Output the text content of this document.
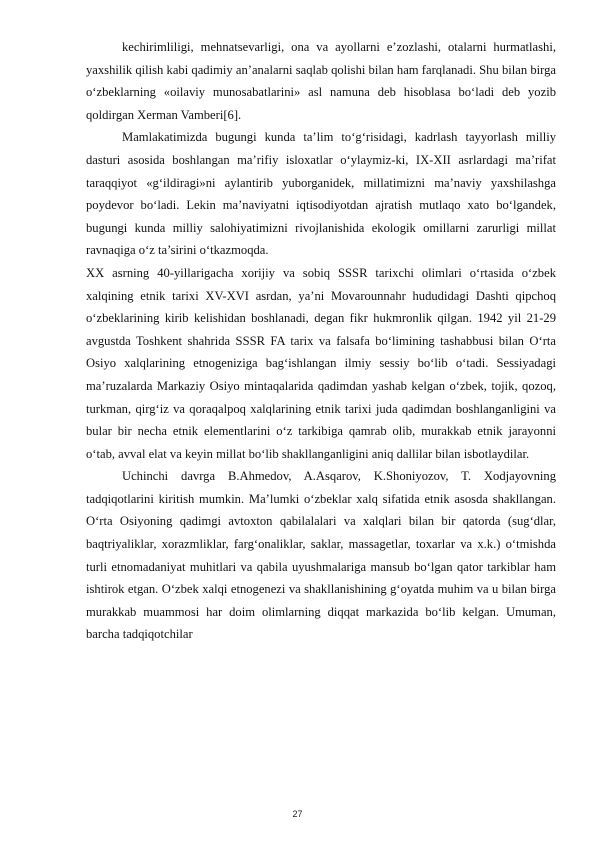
kechirimliligi, mehnatsevarligi, ona va ayollarni e’zozlashi, otalarni hurmatlashi, yaxshilik qilish kabi qadimiy an’analarni saqlab qolishi bilan ham farqlanadi. Shu bilan birga o‘zbeklarning «oilaviy munosabatlarini» asl namuna deb hisoblasa bo‘ladi deb yozib qoldirgan Xerman Vamberi[6].

Mamlakatimizda bugungi kunda ta’lim to‘g‘risidagi, kadrlash tayyorlash milliy dasturi asosida boshlangan ma’rifiy isloxatlar o‘ylaymiz-ki, IX-XII asrlardagi ma’rifat taraqqiyot «g‘ildiragi»ni aylantirib yuborganidek, millatimizni ma’naviy yaxshilashga poydevor bo‘ladi. Lekin ma’naviyatni iqtisodiyotdan ajratish mutlaqo xato bo‘lgandek, bugungi kunda milliy salohiyatimizni rivojlanishida ekologik omillarni zarurligi millat ravnaqiga o‘z ta’sirini o‘tkazmoqda.

XX asrning 40-yillarigacha xorijiy va sobiq SSSR tarixchi olimlari o‘rtasida o‘zbek xalqining etnik tarixi XV-XVI asrdan, ya’ni Movarounnahr hududidagi Dashti qipchoq o‘zbeklarining kirib kelishidan boshlanadi, degan fikr hukmronlik qilgan. 1942 yil 21-29 avgustda Toshkent shahrida SSSR FA tarix va falsafa bo‘limining tashabbusi bilan O‘rta Osiyo xalqlarining etnogeniziga bag‘ishlangan ilmiy sessiy bo‘lib o‘tadi. Sessiyadagi ma’ruzalarda Markaziy Osiyo mintaqalarida qadimdan yashab kelgan o‘zbek, tojik, qozoq, turkman, qirg‘iz va qoraqalpoq xalqlarining etnik tarixi juda qadimdan boshlanganligini va bular bir necha etnik elementlarini o‘z tarkibiga qamrab olib, murakkab etnik jarayonni o‘tab, avval elat va keyin millat bo‘lib shakllanganligini aniq dallilar bilan isbotlaydilar.

Uchinchi davrga B.Ahmedov, A.Asqarov, K.Shoniyozov, T. Xodjayovning tadqiqotlarini kiritish mumkin. Ma’lumki o‘zbeklar xalq sifatida etnik asosda shakllangan. O‘rta Osiyoning qadimgi avtoxton qabilalalari va xalqlari bilan bir qatorda (sug‘dlar, baqtriyaliklar, xorazmliklar, farg‘onaliklar, saklar, massagetlar, toxarlar va x.k.) o‘tmishda turli etnomadaniyat muhitlari va qabila uyushmalariga mansub bo‘lgan qator tarkiblar ham ishtirok etgan. O‘zbek xalqi etnogenezi va shakllanishining g‘oyatda muhim va u bilan birga murakkab muammosi har doim olimlarning diqqat markazida bo‘lib kelgan. Umuman, barcha tadqiqotchilar

27
